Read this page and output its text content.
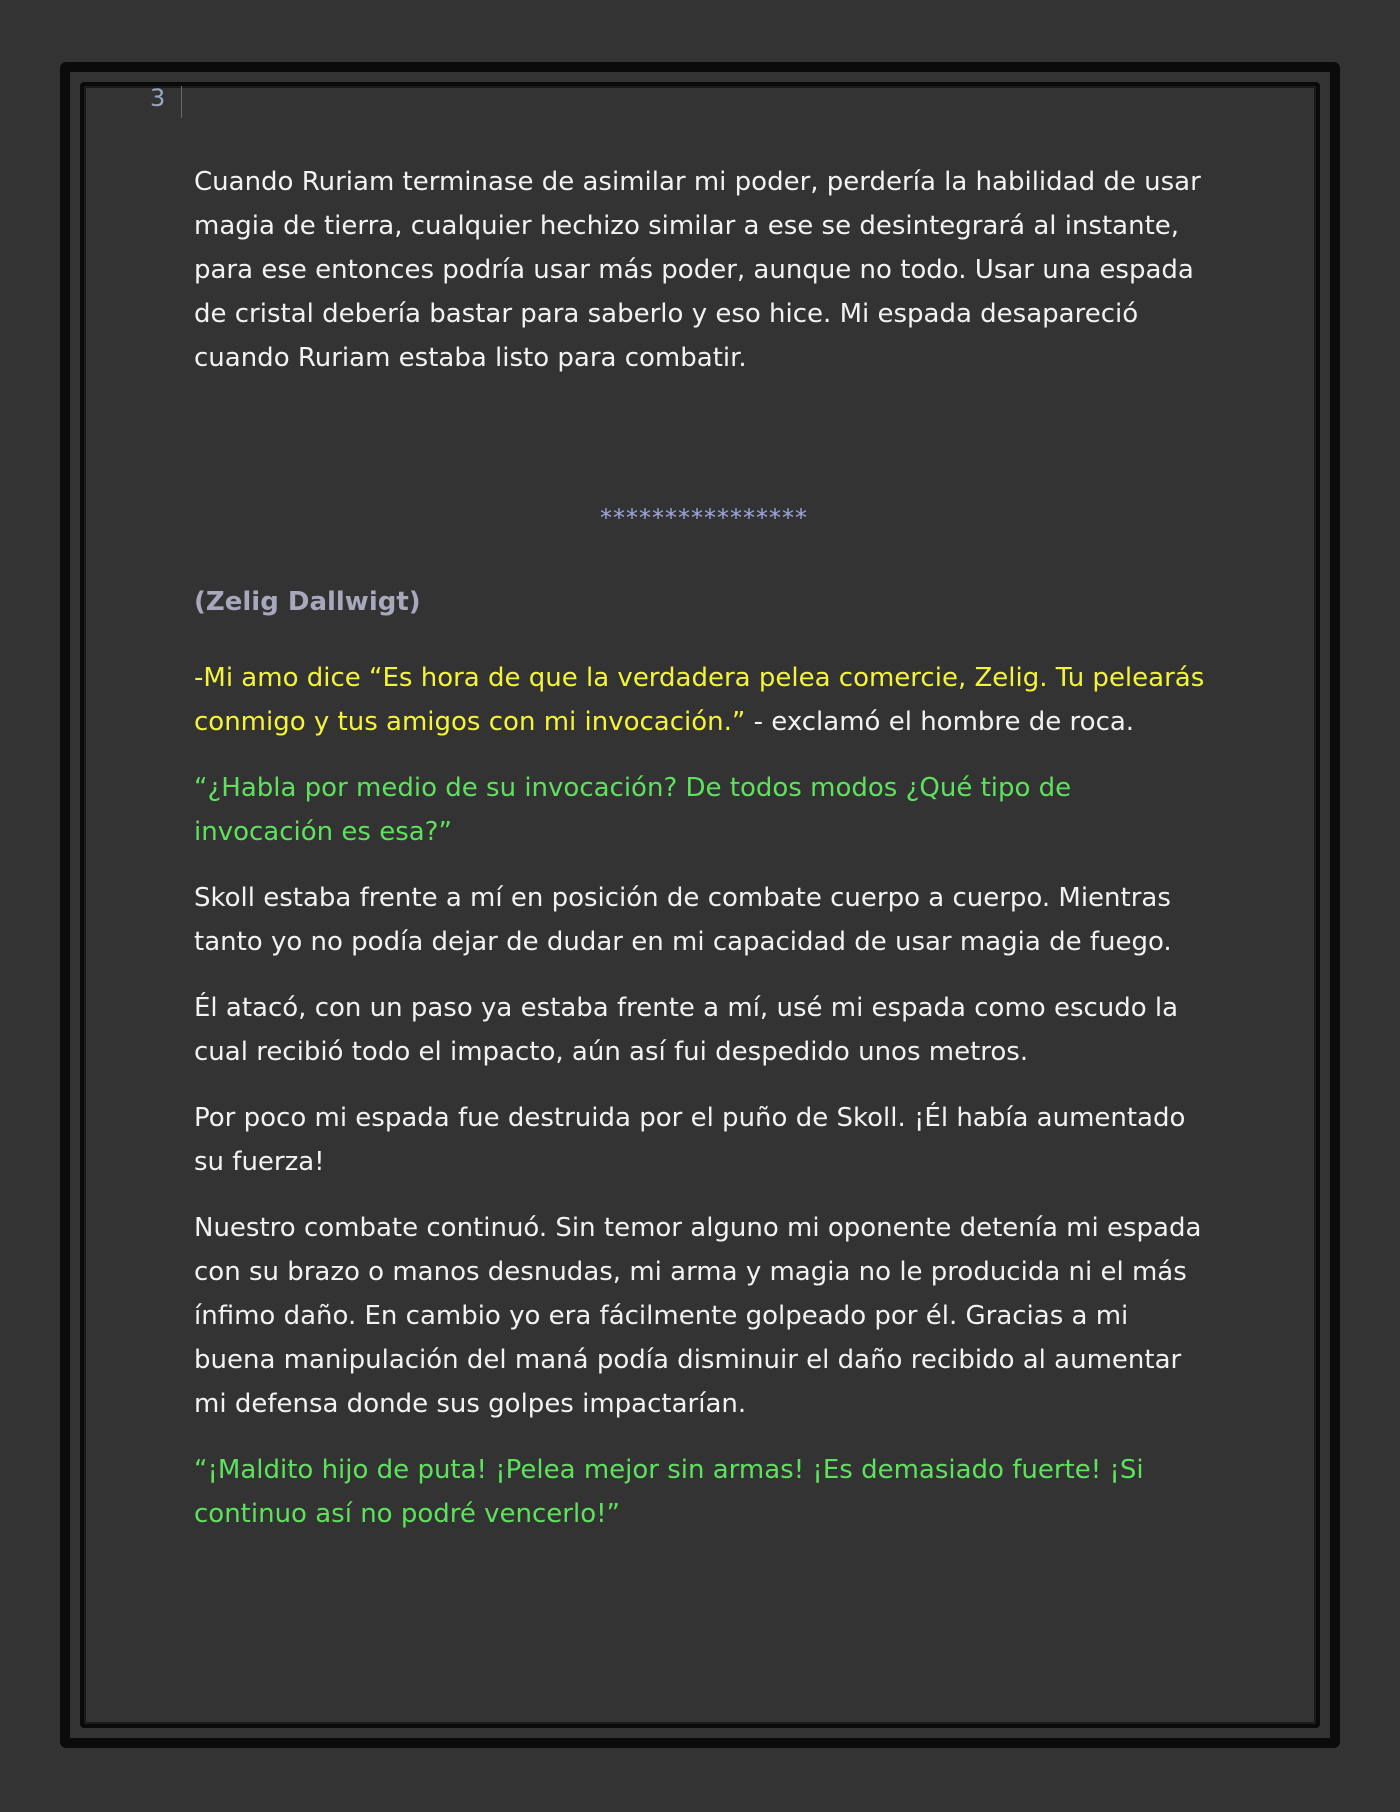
3

Cuando Ruriam terminase de asimilar mi poder, perdería la habilidad de usar magia de tierra, cualquier hechizo similar a ese se desintegrará al instante, para ese entonces podría usar más poder, aunque no todo. Usar una espada de cristal debería bastar para saberlo y eso hice. Mi espada desapareció cuando Ruriam estaba listo para combatir.

****************
(Zelig Dallwigt)

-Mi amo dice “Es hora de que la verdadera pelea comercie, Zelig. Tu pelearás conmigo y tus amigos con mi invocación.” - exclamó el hombre de roca.

“¿Habla por medio de su invocación? De todos modos ¿Qué tipo de invocación es esa?”

Skoll estaba frente a mí en posición de combate cuerpo a cuerpo. Mientras tanto yo no podía dejar de dudar en mi capacidad de usar magia de fuego.

Él atacó, con un paso ya estaba frente a mí, usé mi espada como escudo la cual recibió todo el impacto, aún así fui despedido unos metros.

Por poco mi espada fue destruida por el puño de Skoll. ¡Él había aumentado su fuerza!

Nuestro combate continuó. Sin temor alguno mi oponente detenía mi espada con su brazo o manos desnudas, mi arma y magia no le producida ni el más ínfimo daño. En cambio yo era fácilmente golpeado por él. Gracias a mi buena manipulación del maná podía disminuir el daño recibido al aumentar mi defensa donde sus golpes impactarían.

“¡Maldito hijo de puta! ¡Pelea mejor sin armas! ¡Es demasiado fuerte! ¡Si continuo así no podré vencerlo!”
